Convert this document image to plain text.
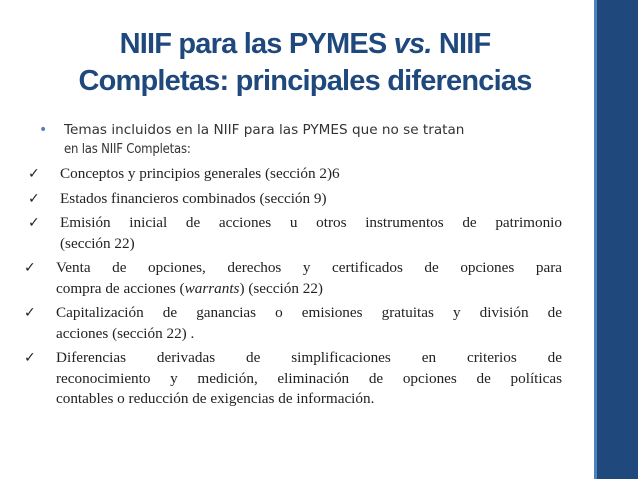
NIIF para las PYMES vs. NIIF
Completas: principales diferencias
• Temas incluidos en la NIIF para las PYMES que no se tratan
en las NIIF Completas:
✓ Conceptos y principios generales (sección 2)6
✓ Estados financieros combinados (sección 9)
✓ Emisión inicial de acciones u otros instrumentos de patrimonio
(sección 22)
✓ Venta de opciones, derechos y certificados de opciones para
compra de acciones (warrants) (sección 22)
✓ Capitalización de ganancias o emisiones gratuitas y división de
acciones (sección 22) .
✓ Diferencias derivadas de simplificaciones en criterios de
reconocimiento y medición, eliminación de opciones de políticas
contables o reducción de exigencias de información.
